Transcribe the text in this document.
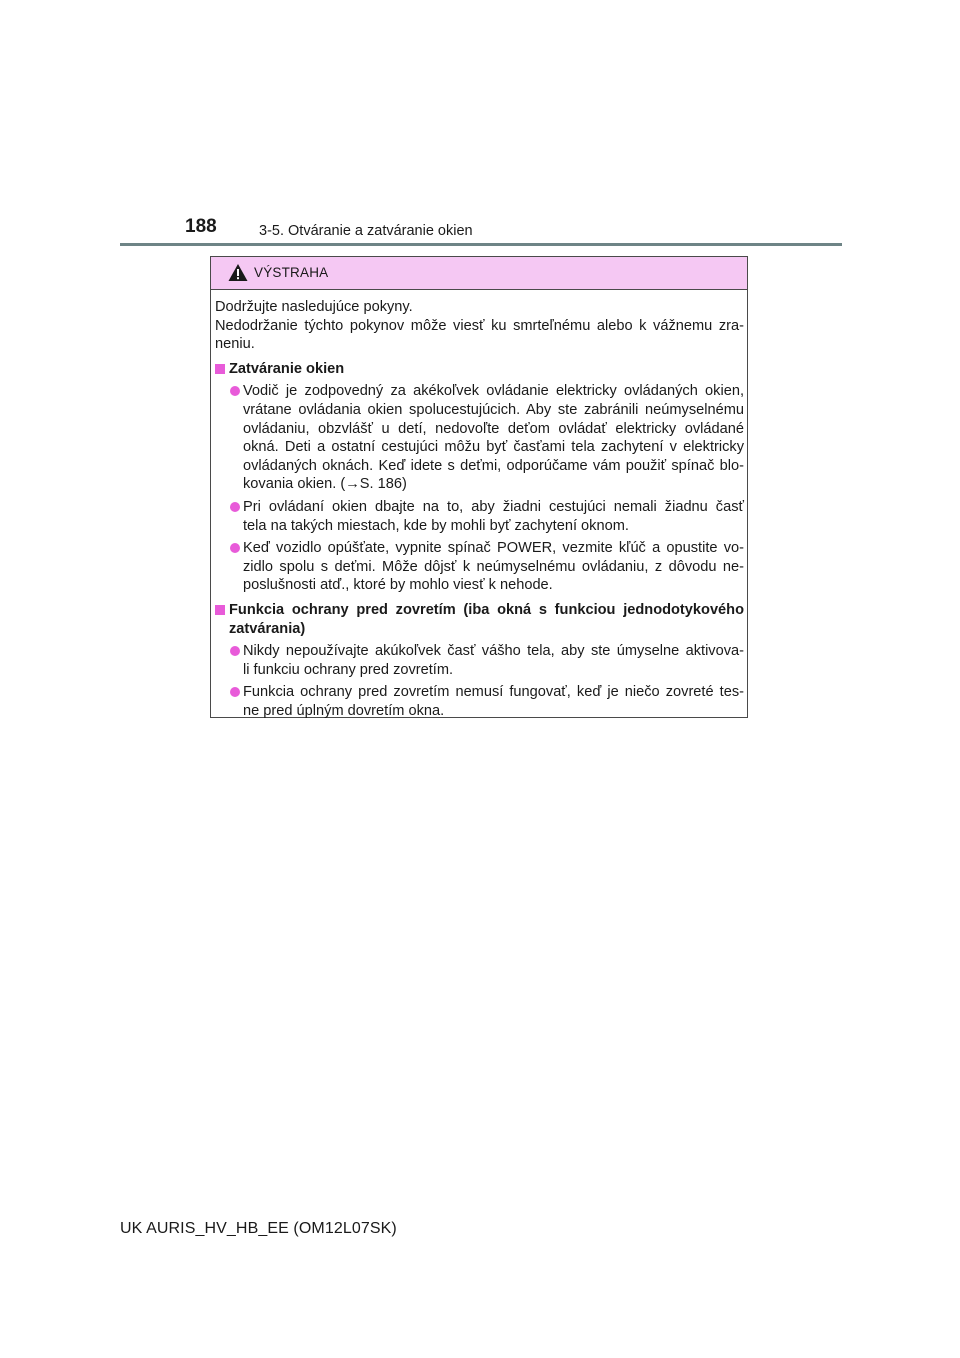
188	3-5. Otváranie a zatváranie okien
VÝSTRAHA
Dodržujte nasledujúce pokyny.
Nedodržanie týchto pokynov môže viesť ku smrteľnému alebo k vážnemu zra-
neniu.
Zatváranie okien
Vodič je zodpovedný za akékoľvek ovládanie elektricky ovládaných okien,
vrátane ovládania okien spolucestujúcich. Aby ste zabránili neúmyselnému
ovládaniu, obzvlášť u detí, nedovoľte deťom ovládať elektricky ovládané
okná. Deti a ostatní cestujúci môžu byť časťami tela zachytení v elektricky
ovládaných oknách. Keď idete s deťmi, odporúčame vám použiť spínač blo-
kovania okien. (→S. 186)
Pri ovládaní okien dbajte na to, aby žiadni cestujúci nemali žiadnu časť
tela na takých miestach, kde by mohli byť zachytení oknom.
Keď vozidlo opúšťate, vypnite spínač POWER, vezmite kľúč a opustite vo-
zidlo spolu s deťmi. Môže dôjsť k neúmyselnému ovládaniu, z dôvodu ne-
poslušnosti atď., ktoré by mohlo viesť k nehode.
Funkcia ochrany pred zovretím (iba okná s funkciou jednodotykového
zatvárania)
Nikdy nepoužívajte akúkoľvek časť vášho tela, aby ste úmyselne aktivova-
li funkciu ochrany pred zovretím.
Funkcia ochrany pred zovretím nemusí fungovať, keď je niečo zovreté tes-
ne pred úplným dovretím okna.
UK AURIS_HV_HB_EE (OM12L07SK)
